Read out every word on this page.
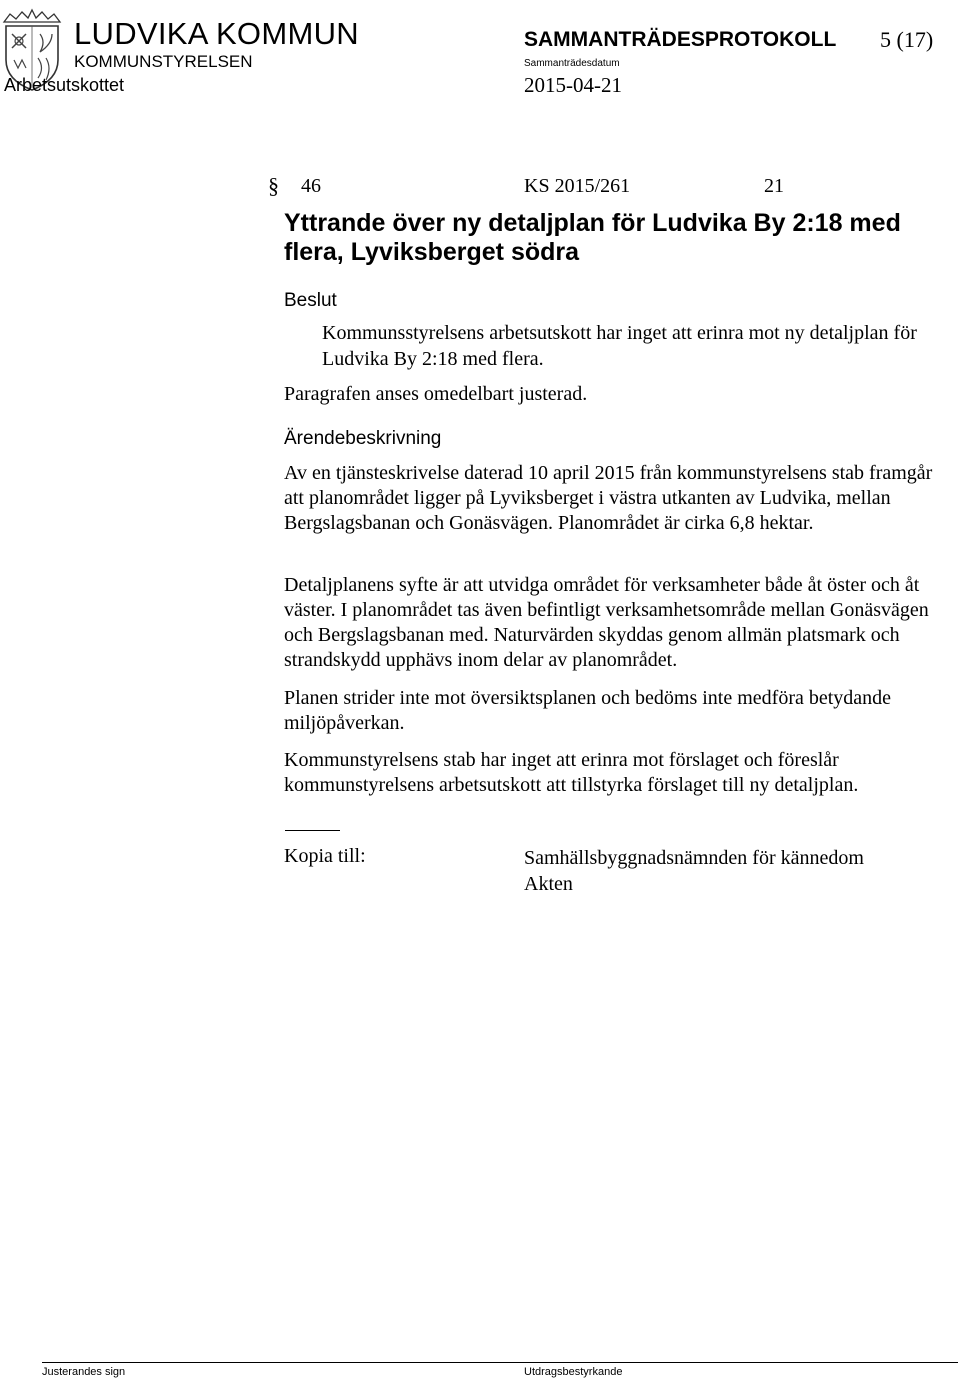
LUDVIKA KOMMUN
KOMMUNSTYRELSEN
Arbetsutskottet
SAMMANTRÄDESPROTOKOLL 5 (17)
Sammanträdesdatum
2015-04-21
§ 46	KS 2015/261	21
Yttrande över ny detaljplan för Ludvika By 2:18 med flera, Lyviksberget södra
Beslut
Kommunsstyrelsens arbetsutskott har inget att erinra mot ny detaljplan för Ludvika By 2:18 med flera.
Paragrafen anses omedelbart justerad.
Ärendebeskrivning
Av en tjänsteskrivelse daterad 10 april 2015 från kommunstyrelsens stab framgår att planområdet ligger på Lyviksberget i västra utkanten av Ludvika, mellan Bergslagsbanan och Gonäsvägen. Planområdet är cirka 6,8 hektar.
Detaljplanens syfte är att utvidga området för verksamheter både åt öster och åt väster. I planområdet tas även befintligt verksamhetsområde mellan Gonäsvägen och Bergslagsbanan med. Naturvärden skyddas genom allmän platsmark och strandskydd upphävs inom delar av planområdet.
Planen strider inte mot översiktsplanen och bedöms inte medföra betydande miljöpåverkan.
Kommunstyrelsens stab har inget att erinra mot förslaget och föreslår kommunstyrelsens arbetsutskott att tillstyrka förslaget till ny detaljplan.
Kopia till:	Samhällsbyggnadsnämnden för kännedom
Akten
Justerandes sign	Utdragsbestyrkande
